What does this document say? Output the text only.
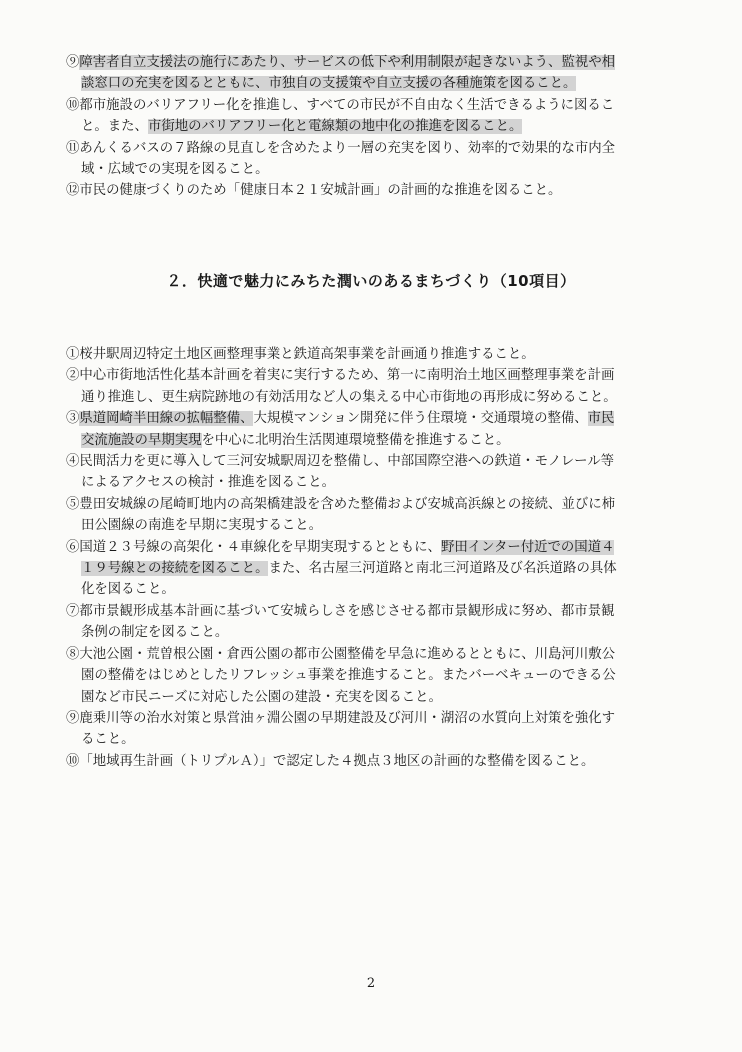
⑨障害者自立支援法の施行にあたり、サービスの低下や利用制限が起きないよう、監視や相
談窓口の充実を図るとともに、市独自の支援策や自立支援の各種施策を図ること。
⑩都市施設のバリアフリー化を推進し、すべての市民が不自由なく生活できるように図るこ
と。また、市街地のバリアフリー化と電線類の地中化の推進を図ること。
⑪あんくるバスの７路線の見直しを含めたより一層の充実を図り、効率的で効果的な市内全
域・広域での実現を図ること。
⑫市民の健康づくりのため「健康日本２１安城計画」の計画的な推進を図ること。
２．快適で魅力にみちた潤いのあるまちづくり（10項目）
①桜井駅周辺特定土地区画整理事業と鉄道高架事業を計画通り推進すること。
②中心市街地活性化基本計画を着実に実行するため、第一に南明治土地区画整理事業を計画
通り推進し、更生病院跡地の有効活用など人の集える中心市街地の再形成に努めること。
③県道岡崎半田線の拡幅整備、大規模マンション開発に伴う住環境・交通環境の整備、市民
交流施設の早期実現を中心に北明治生活関連環境整備を推進すること。
④民間活力を更に導入して三河安城駅周辺を整備し、中部国際空港への鉄道・モノレール等
によるアクセスの検討・推進を図ること。
⑤豊田安城線の尾崎町地内の高架橋建設を含めた整備および安城高浜線との接続、並びに柿
田公園線の南進を早期に実現すること。
⑥国道２３号線の高架化・４車線化を早期実現するとともに、野田インター付近での国道４
１９号線との接続を図ること。また、名古屋三河道路と南北三河道路及び名浜道路の具体
化を図ること。
⑦都市景観形成基本計画に基づいて安城らしさを感じさせる都市景観形成に努め、都市景観
条例の制定を図ること。
⑧大池公園・荒曽根公園・倉西公園の都市公園整備を早急に進めるとともに、川島河川敷公
園の整備をはじめとしたリフレッシュ事業を推進すること。またバーベキューのできる公
園など市民ニーズに対応した公園の建設・充実を図ること。
⑨鹿乗川等の治水対策と県営油ヶ淵公園の早期建設及び河川・湖沼の水質向上対策を強化す
ること。
⑩「地域再生計画（トリプルＡ）」で認定した４拠点３地区の計画的な整備を図ること。
2
